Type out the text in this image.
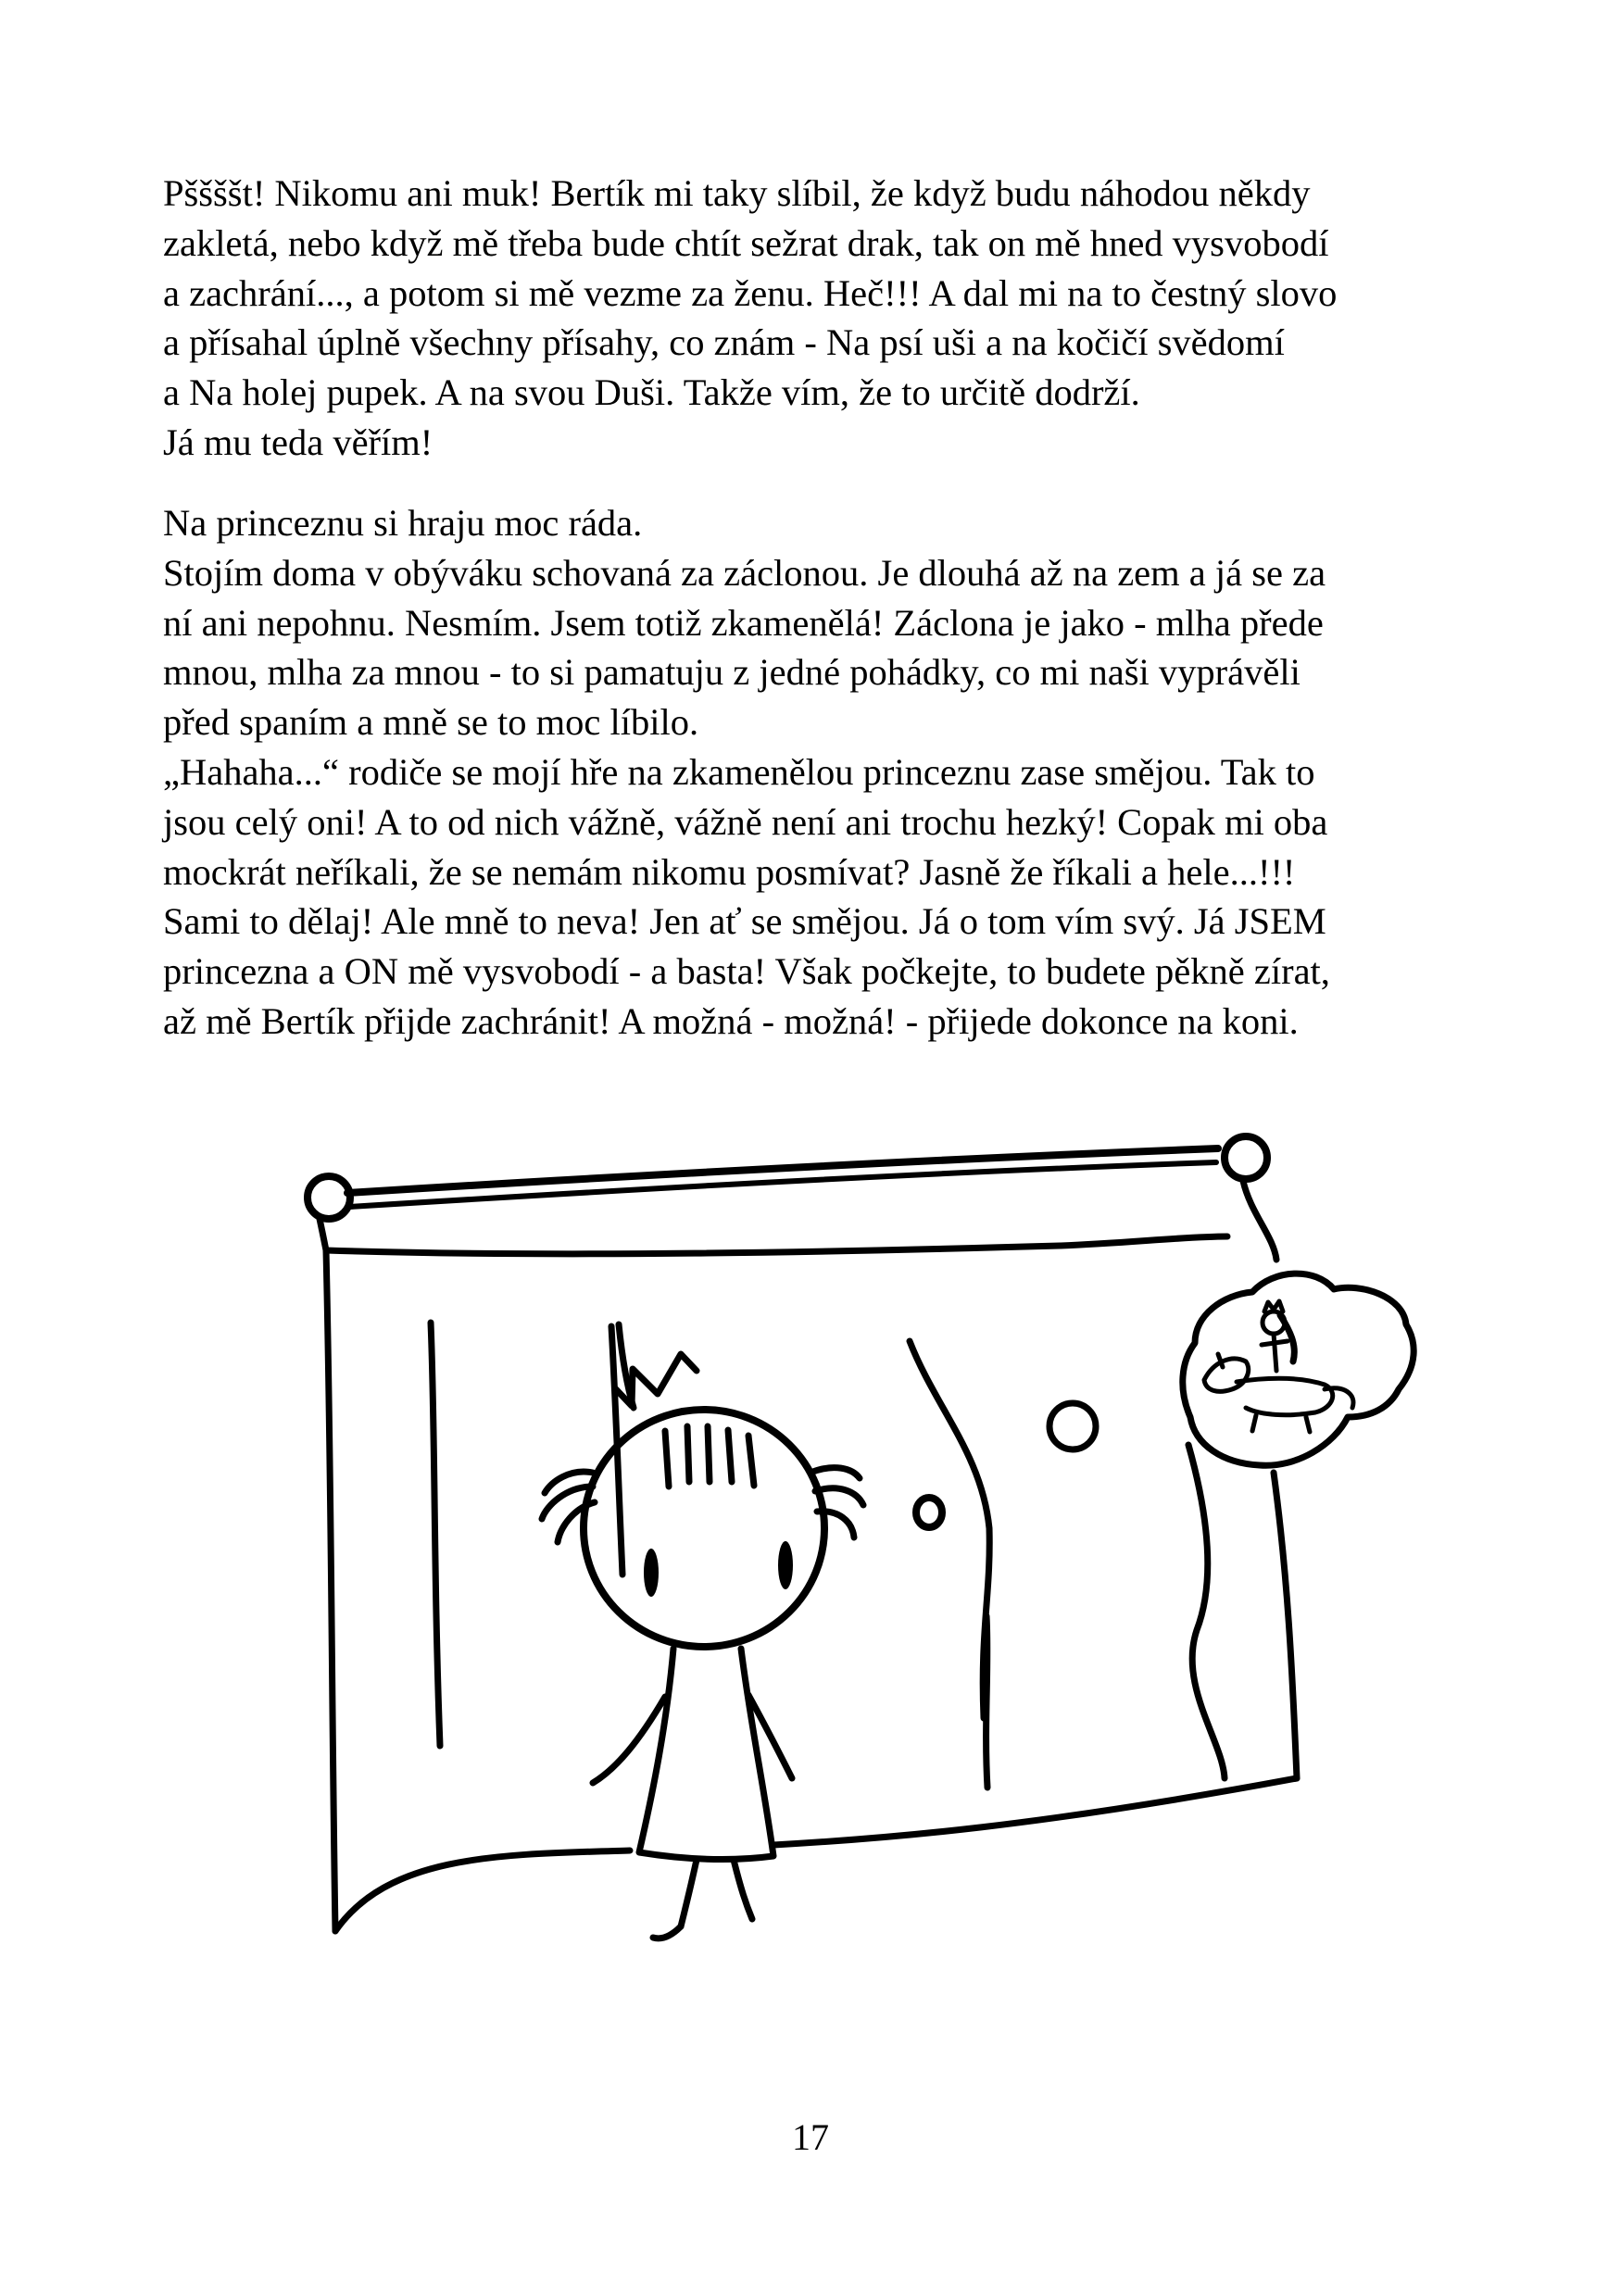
Pššššt! Nikomu ani muk! Bertík mi taky slíbil, že když budu náhodou někdy
zakletá, nebo když mě třeba bude chtít sežrat drak, tak on mě hned vysvobodí
a zachrání..., a potom si mě vezme za ženu. Heč!!! A dal mi na to čestný slovo
a přísahal úplně všechny přísahy, co znám - Na psí uši a na kočičí svědomí
a Na holej pupek. A na svou Duši. Takže vím, že to určitě dodrží.
Já mu teda věřím!
Na princeznu si hraju moc ráda.
Stojím doma v obýváku schovaná za záclonou. Je dlouhá až na zem a já se za
ní ani nepohnu. Nesmím. Jsem totiž zkamenělá! Záclona je jako - mlha přede
mnou, mlha za mnou - to si pamatuju z jedné pohádky, co mi naši vyprávěli
před spaním a mně se to moc líbilo.
„Hahaha...“ rodiče se mojí hře na zkamenělou princeznu zase smějou. Tak to
jsou celý oni! A to od nich vážně, vážně není ani trochu hezký! Copak mi oba
mockrát neříkali, že se nemám nikomu posmívat? Jasně že říkali a hele...!!!
Sami to dělaj! Ale mně to neva! Jen ať se smějou. Já o tom vím svý. Já JSEM
princezna a ON mě vysvobodí - a basta! Však počkejte, to budete pěkně zírat,
až mě Bertík přijde zachránit! A možná - možná! - přijede dokonce na koni.
17
